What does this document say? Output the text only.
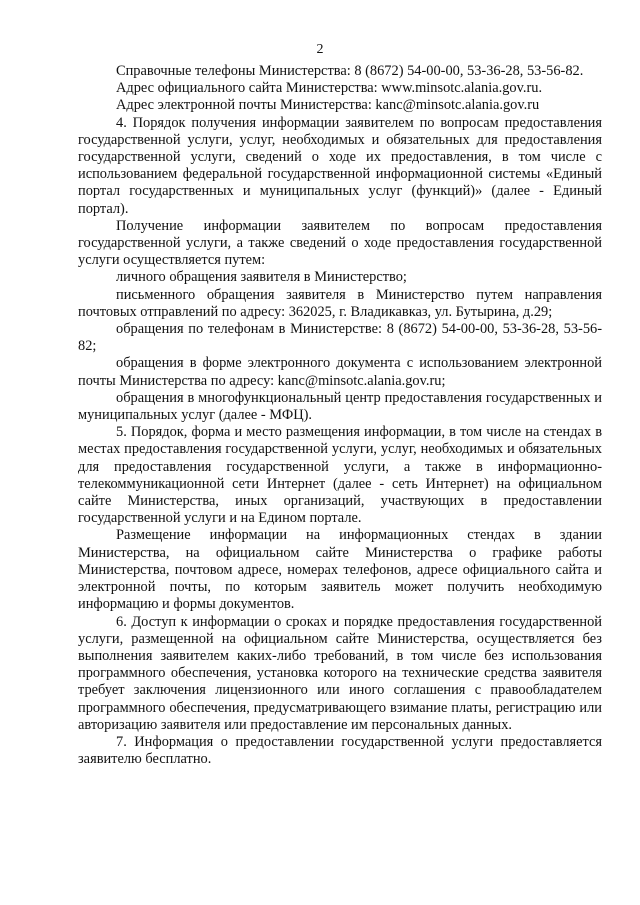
2

Справочные телефоны Министерства: 8 (8672) 54-00-00, 53-36-28, 53-56-82.

Адрес официального сайта Министерства: www.minsotc.alania.gov.ru.

Адрес электронной почты Министерства: kanc@minsotc.alania.gov.ru

4. Порядок получения информации заявителем по вопросам предоставления государственной услуги, услуг, необходимых и обязательных для предоставления государственной услуги, сведений о ходе их предоставления, в том числе с использованием федеральной государственной информационной системы «Единый портал государственных и муниципальных услуг (функций)» (далее - Единый портал).

Получение информации заявителем по вопросам предоставления государственной услуги, а также сведений о ходе предоставления государственной услуги осуществляется путем:

личного обращения заявителя в Министерство;

письменного обращения заявителя в Министерство путем направления почтовых отправлений по адресу: 362025, г. Владикавказ, ул. Бутырина, д.29;

обращения по телефонам в Министерстве: 8 (8672) 54-00-00, 53-36-28, 53-56-82;

обращения в форме электронного документа с использованием электронной почты Министерства по адресу: kanc@minsotc.alania.gov.ru;

обращения в многофункциональный центр предоставления государственных и муниципальных услуг (далее - МФЦ).

5. Порядок, форма и место размещения информации, в том числе на стендах в местах предоставления государственной услуги, услуг, необходимых и обязательных для предоставления государственной услуги, а также в информационно-телекоммуникационной сети Интернет (далее - сеть Интернет) на официальном сайте Министерства, иных организаций, участвующих в предоставлении государственной услуги и на Едином портале.

Размещение информации на информационных стендах в здании Министерства, на официальном сайте Министерства о графике работы Министерства, почтовом адресе, номерах телефонов, адресе официального сайта и электронной почты, по которым заявитель может получить необходимую информацию и формы документов.

6. Доступ к информации о сроках и порядке предоставления государственной услуги, размещенной на официальном сайте Министерства, осуществляется без выполнения заявителем каких-либо требований, в том числе без использования программного обеспечения, установка которого на технические средства заявителя требует заключения лицензионного или иного соглашения с правообладателем программного обеспечения, предусматривающего взимание платы, регистрацию или авторизацию заявителя или предоставление им персональных данных.

7. Информация о предоставлении государственной услуги предоставляется заявителю бесплатно.
